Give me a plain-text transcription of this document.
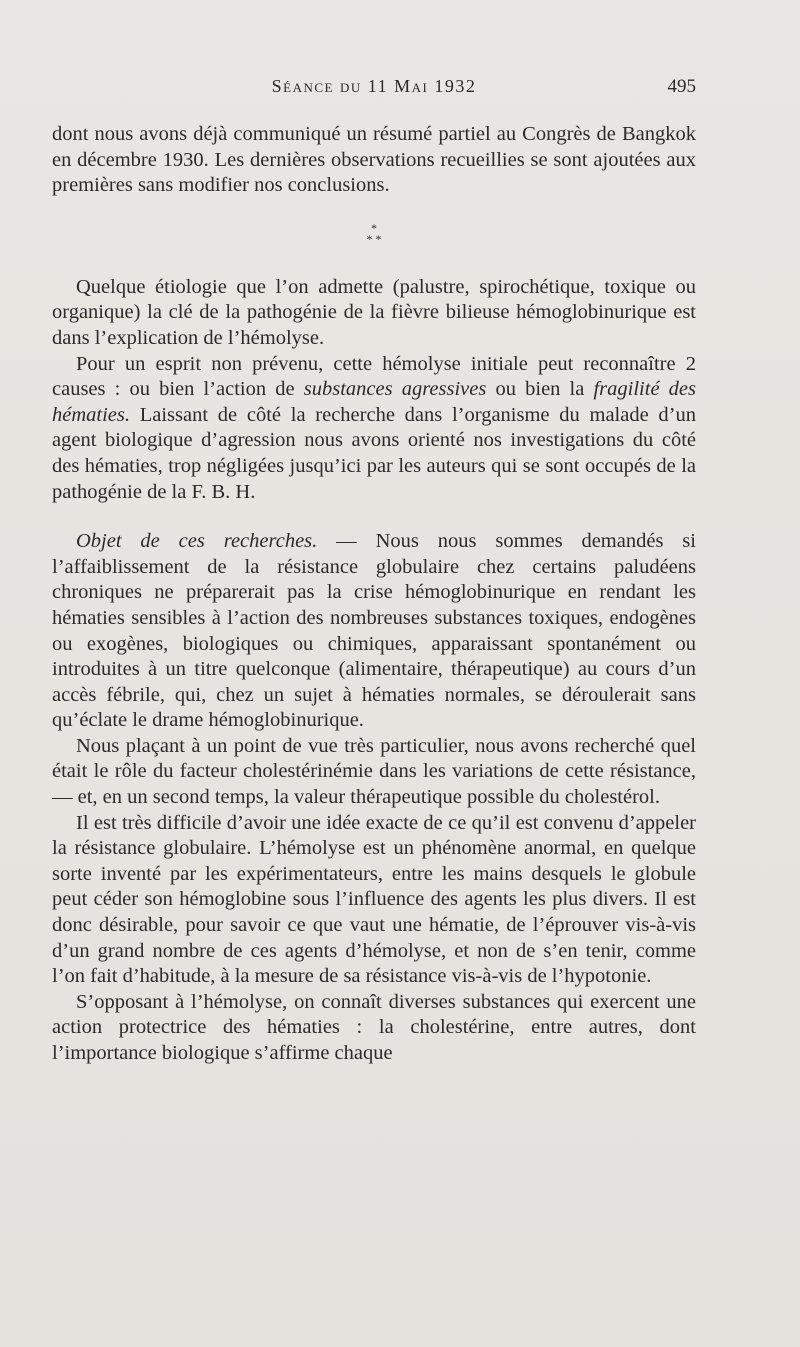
Séance du 11 Mai 1932	495

dont nous avons déjà communiqué un résumé partiel au Congrès de Bangkok en décembre 1930. Les dernières observations recueillies se sont ajoutées aux premières sans modifier nos conclusions.

*
* *

Quelque étiologie que l’on admette (palustre, spirochétique, toxique ou organique) la clé de la pathogénie de la fièvre bilieuse hémoglobinurique est dans l’explication de l’hémolyse.

Pour un esprit non prévenu, cette hémolyse initiale peut reconnaître 2 causes : ou bien l’action de substances agressives ou bien la fragilité des hématies. Laissant de côté la recherche dans l’organisme du malade d’un agent biologique d’agression nous avons orienté nos investigations du côté des hématies, trop négligées jusqu’ici par les auteurs qui se sont occupés de la pathogénie de la F. B. H.

Objet de ces recherches. — Nous nous sommes demandés si l’affaiblissement de la résistance globulaire chez certains paludéens chroniques ne préparerait pas la crise hémoglobinurique en rendant les hématies sensibles à l’action des nombreuses substances toxiques, endogènes ou exogènes, biologiques ou chimiques, apparaissant spontanément ou introduites à un titre quelconque (alimentaire, thérapeutique) au cours d’un accès fébrile, qui, chez un sujet à hématies normales, se déroulerait sans qu’éclate le drame hémoglobinurique.

Nous plaçant à un point de vue très particulier, nous avons recherché quel était le rôle du facteur cholestérinémie dans les variations de cette résistance, — et, en un second temps, la valeur thérapeutique possible du cholestérol.

Il est très difficile d’avoir une idée exacte de ce qu’il est convenu d’appeler la résistance globulaire. L’hémolyse est un phénomène anormal, en quelque sorte inventé par les expérimentateurs, entre les mains desquels le globule peut céder son hémoglobine sous l’influence des agents les plus divers. Il est donc désirable, pour savoir ce que vaut une hématie, de l’éprouver vis-à-vis d’un grand nombre de ces agents d’hémolyse, et non de s’en tenir, comme l’on fait d’habitude, à la mesure de sa résistance vis-à-vis de l’hypotonie.

S’opposant à l’hémolyse, on connaît diverses substances qui exercent une action protectrice des hématies : la cholestérine, entre autres, dont l’importance biologique s’affirme chaque
